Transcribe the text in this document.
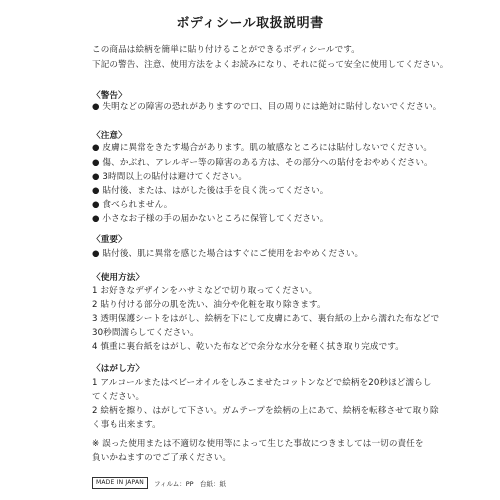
ボディシール取扱説明書
この商品は絵柄を簡単に貼り付けることができるボディシールです。
下記の警告、注意、使用方法をよくお読みになり、それに従って安全に使用してください。
〈警告〉
● 失明などの障害の恐れがありますので口、目の周りには絶対に貼付しないでください。
〈注意〉
● 皮膚に異常をきたす場合があります。肌の敏感なところには貼付しないでください。
● 傷、かぶれ、アレルギー等の障害のある方は、その部分への貼付をおやめください。
● 3時間以上の貼付は避けてください。
● 貼付後、または、はがした後は手を良く洗ってください。
● 食べられません。
● 小さなお子様の手の届かないところに保管してください。
〈重要〉
● 貼付後、肌に異常を感じた場合はすぐにご使用をおやめください。
〈使用方法〉
1 お好きなデザインをハサミなどで切り取ってください。
2 貼り付ける部分の肌を洗い、油分や化粧を取り除きます。
3 透明保護シートをはがし、絵柄を下にして皮膚にあて、裏台紙の上から濡れた布などで
30秒間濡らしてください。
4 慎重に裏台紙をはがし、乾いた布などで余分な水分を軽く拭き取り完成です。
〈はがし方〉
1 アルコールまたはベビーオイルをしみこませたコットンなどで絵柄を20秒ほど濡らし
てください。
2 絵柄を擦り、はがして下さい。ガムテープを絵柄の上にあて、絵柄を転移させて取り除
く事も出来ます。
※ 誤った使用または不適切な使用等によって生じた事故につきましては一切の責任を
負いかねますのでご了承ください。
MADE IN JAPAN	フィルム：PP　台紙：紙
